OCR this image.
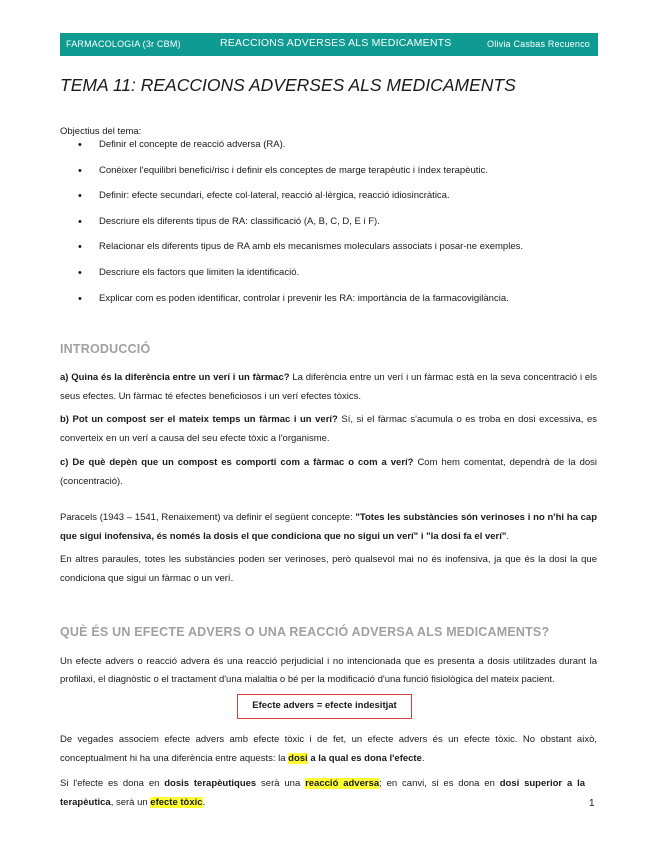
FARMACOLOGIA (3r CBM)	REACCIONS ADVERSES ALS MEDICAMENTS	Olivia Casbas Recuenco
TEMA 11: REACCIONS ADVERSES ALS MEDICAMENTS
Objectius del tema:
• Definir el concepte de reacció adversa (RA).
• Conèixer l'equilibri benefici/risc i definir els conceptes de marge terapèutic i índex terapèutic.
• Definir: efecte secundari, efecte col·lateral, reacció al·lèrgica, reacció idiosincràtica.
• Descriure els diferents tipus de RA: classificació (A, B, C, D, E i F).
• Relacionar els diferents tipus de RA amb els mecanismes moleculars associats i posar-ne exemples.
• Descriure els factors que limiten la identificació.
• Explicar com es poden identificar, controlar i prevenir les RA: importància de la farmacovigilància.
INTRODUCCIÓ

a) Quina és la diferència entre un verí i un fàrmac? La diferència entre un verí i un fàrmac està en la seva concentració i els seus efectes. Un fàrmac té efectes beneficiosos i un verí efectes tòxics.

b) Pot un compost ser el mateix temps un fàrmac i un verí? Sí, si el fàrmac s'acumula o es troba en dosi excessiva, es converteix en un verí a causa del seu efecte tòxic a l'organisme.

c) De què depèn que un compost es comporti com a fàrmac o com a verí? Com hem comentat, dependrà de la dosi (concentració).

Paracels (1943 – 1541, Renaixement) va definir el següent concepte: "Totes les substàncies són verinoses i no n'hi ha cap que sigui inofensiva, és només la dosis el que condiciona que no sigui un verí" i "la dosi fa el verí".

En altres paraules, totes les substàncies poden ser verinoses, però qualsevol mai no és inofensiva, ja que és la dosi la que condiciona que sigui un fàrmac o un verí.

QUÈ ÉS UN EFECTE ADVERS O UNA REACCIÓ ADVERSA ALS MEDICAMENTS?

Un efecte advers o reacció advera és una reacció perjudicial i no intencionada que es presenta a dosis utilitzades durant la profilaxi, el diagnòstic o el tractament d'una malaltia o bé per la modificació d'una funció fisiològica del mateix pacient.

Efecte advers = efecte indesitjat

De vegades associem efecte advers amb efecte tòxic i de fet, un efecte advers és un efecte tòxic. No obstant això, conceptualment hi ha una diferència entre aquests: la dosi a la qual es dona l'efecte.

Si l'efecte es dona en dosis terapèutiques serà una reacció adversa; en canvi, si es dona en dosi superior a la terapèutica, serà un efecte tòxic.	1
